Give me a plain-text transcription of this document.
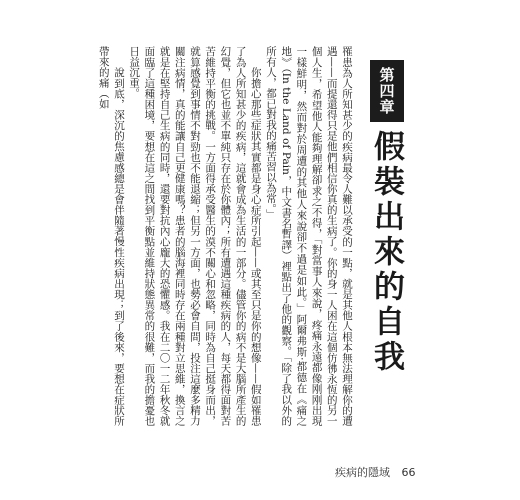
第四章
假裝出來的自我

罹患為人所知甚少的疾病最令人難以承受的一點，就是其他人根本無法理解你的遭遇——而提還得只是他們相信你真的生病了。你的身一人困在這個仿彿永恆的另一個人生，希望他人能夠理解卻求之不得，「對當事人來說，疼痛永遠都像刚刚出現一樣鮮明，然而對於周遭的其他人來說卻不過是如此。」阿爾弗斯·都德在《痛之地》（In the Land of Pain，中文書名暫譯）裡點出了他的觀察。「除了我以外的所有人，都已對我的痛苦習以為常。」

你擔心那些症狀其實都是身心症所引起——或其至只是你的想像——假如罹患了為人所知甚少的疾病，這就會成為生活的一部分。儘管你的病不是大腦所產生的幻覺，但它也並不單純只存在於你體內；所有遭遇這種疾病的人，每天都得面對苦苦維持平衡的挑戰。一方面得承受醫生的漠不關心和忽略，同時為自己挺身而出，就算感覺到事情不對勁也不能退縮；但另一方面，也勢必會自問，投注這麼多精力關注病情，真的能讓自己更健康嗎？患者的腦海裡同時存在兩種對立思維，換言之就是在堅持自己生病的同時，還要對抗內心龐大的恐懼感。我在二〇一二年秋冬就面臨了這種困境，要想在這之間找到平衡點並維持狀態異常的很難，而我的擔憂也日益沉重。

說到底，深沉的焦慮感總是會伴隨著慢性疾病出現；到了後來，要想在症狀所帶來的痛（如

疾病的隱域 66
